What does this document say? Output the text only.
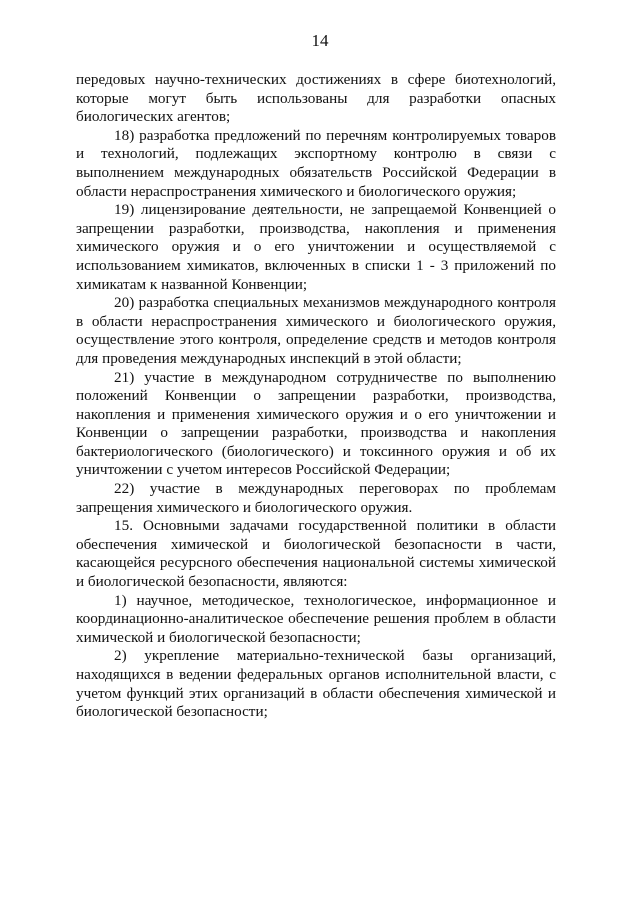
14

передовых научно-технических достижениях в сфере биотехнологий, которые могут быть использованы для разработки опасных биологических агентов;

18) разработка предложений по перечням контролируемых товаров и технологий, подлежащих экспортному контролю в связи с выполнением международных обязательств Российской Федерации в области нераспространения химического и биологического оружия;

19) лицензирование деятельности, не запрещаемой Конвенцией о запрещении разработки, производства, накопления и применения химического оружия и о его уничтожении и осуществляемой с использованием химикатов, включенных в списки 1 - 3 приложений по химикатам к названной Конвенции;

20) разработка специальных механизмов международного контроля в области нераспространения химического и биологического оружия, осуществление этого контроля, определение средств и методов контроля для проведения международных инспекций в этой области;

21) участие в международном сотрудничестве по выполнению положений Конвенции о запрещении разработки, производства, накопления и применения химического оружия и о его уничтожении и Конвенции о запрещении разработки, производства и накопления бактериологического (биологического) и токсинного оружия и об их уничтожении с учетом интересов Российской Федерации;

22) участие в международных переговорах по проблемам запрещения химического и биологического оружия.

15. Основными задачами государственной политики в области обеспечения химической и биологической безопасности в части, касающейся ресурсного обеспечения национальной системы химической и биологической безопасности, являются:

1) научное, методическое, технологическое, информационное и координационно-аналитическое обеспечение решения проблем в области химической и биологической безопасности;

2) укрепление материально-технической базы организаций, находящихся в ведении федеральных органов исполнительной власти, с учетом функций этих организаций в области обеспечения химической и биологической безопасности;
